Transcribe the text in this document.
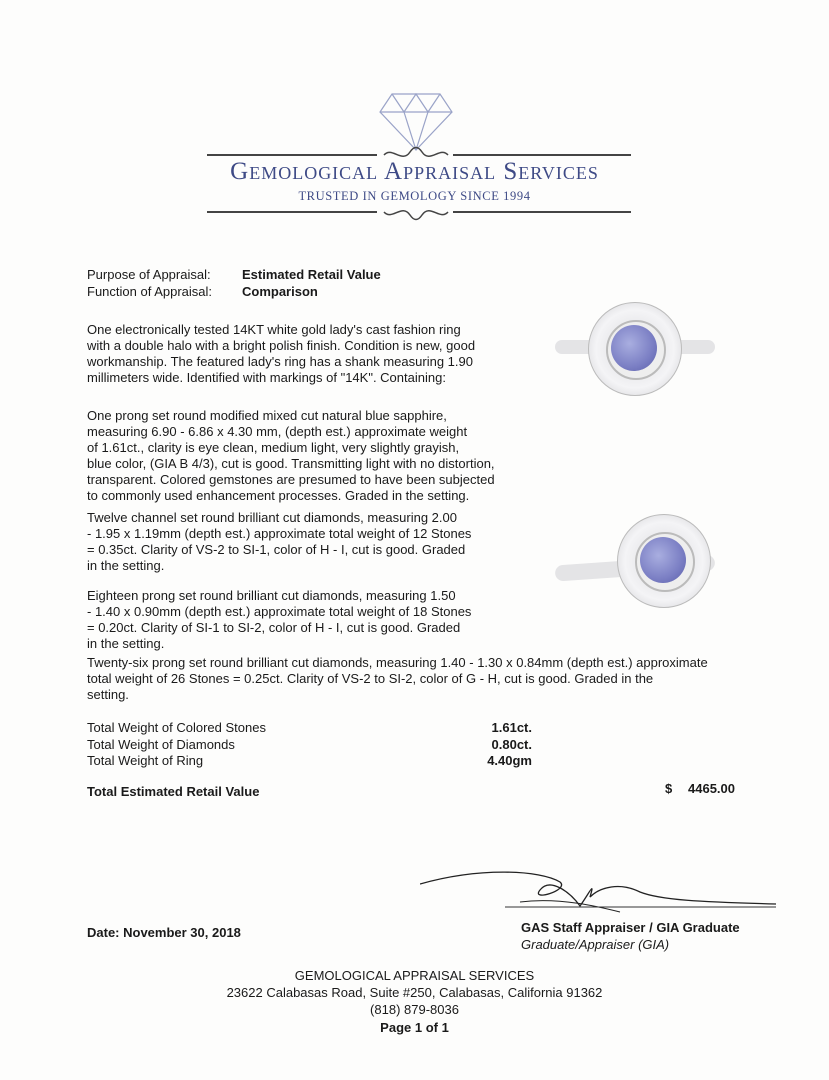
Gemological Appraisal Services
TRUSTED IN GEMOLOGY SINCE 1994
Purpose of Appraisal: Estimated Retail Value
Function of Appraisal: Comparison
One electronically tested 14KT white gold lady's cast fashion ring
with a double halo with a bright polish finish. Condition is new, good
workmanship. The featured lady's ring has a shank measuring 1.90
millimeters wide. Identified with markings of "14K". Containing:
One prong set round modified mixed cut natural blue sapphire,
measuring 6.90 - 6.86 x 4.30 mm, (depth est.) approximate weight
of 1.61ct., clarity is eye clean, medium light, very slightly grayish,
blue color, (GIA B 4/3), cut is good. Transmitting light with no distortion,
transparent. Colored gemstones are presumed to have been subjected
to commonly used enhancement processes. Graded in the setting.
Twelve channel set round brilliant cut diamonds, measuring 2.00
- 1.95 x 1.19mm (depth est.) approximate total weight of 12 Stones
= 0.35ct. Clarity of VS-2 to SI-1, color of H - I, cut is good. Graded
in the setting.
Eighteen prong set round brilliant cut diamonds, measuring 1.50
- 1.40 x 0.90mm (depth est.) approximate total weight of 18 Stones
= 0.20ct. Clarity of SI-1 to SI-2, color of H - I, cut is good. Graded
in the setting.
Twenty-six prong set round brilliant cut diamonds, measuring 1.40 - 1.30 x 0.84mm (depth est.) approximate
total weight of 26 Stones = 0.25ct. Clarity of VS-2 to SI-2, color of G - H, cut is good. Graded in the
setting.
Total Weight of Colored Stones	1.61ct.
Total Weight of Diamonds	0.80ct.
Total Weight of Ring	4.40gm
Total Estimated Retail Value	$ 4465.00
Date: November 30, 2018	GAS Staff Appraiser / GIA Graduate
Graduate/Appraiser (GIA)
GEMOLOGICAL APPRAISAL SERVICES
23622 Calabasas Road, Suite #250, Calabasas, California 91362
(818) 879-8036
Page 1 of 1
